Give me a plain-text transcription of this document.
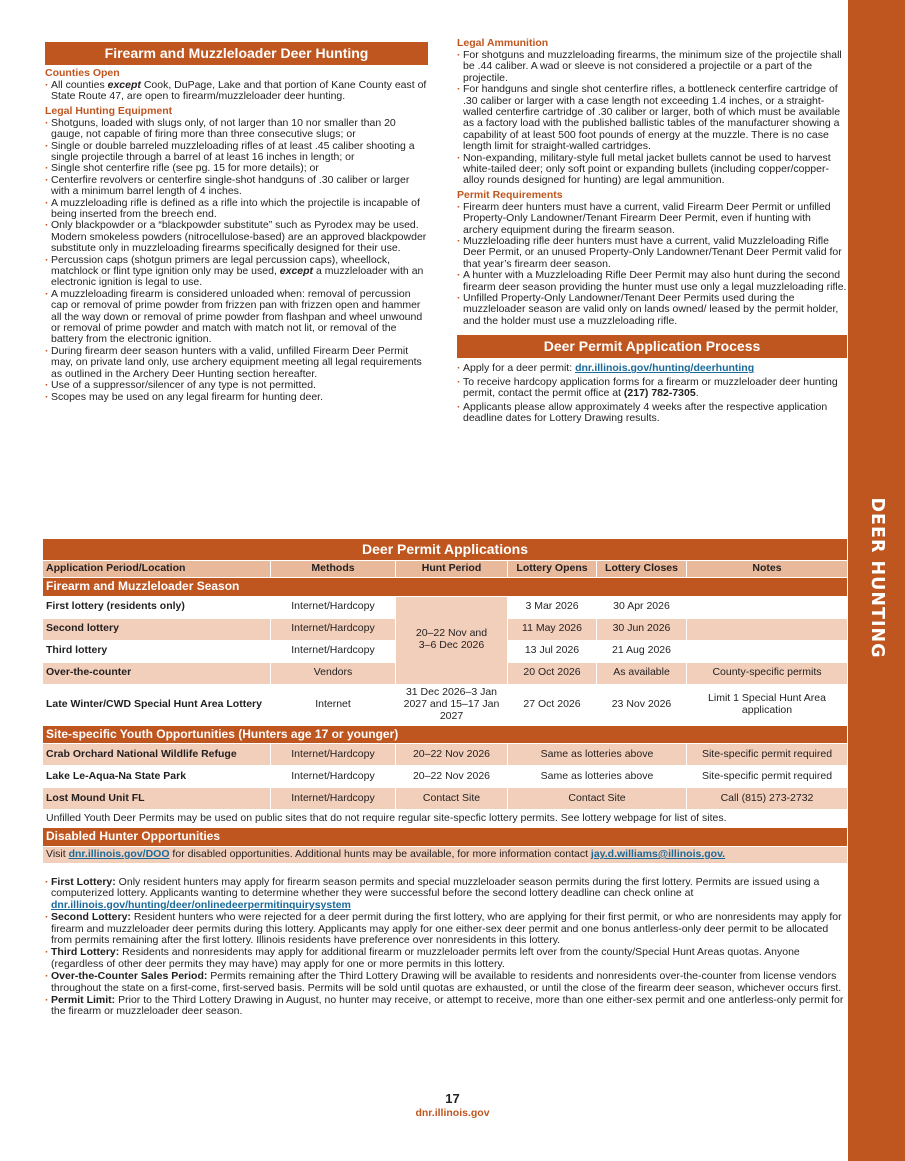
DEER HUNTING
Firearm and Muzzleloader Deer Hunting
Counties Open
· All counties except Cook, DuPage, Lake and that portion of Kane County east of State Route 47, are open to firearm/muzzleloader deer hunting.
Legal Hunting Equipment
· Shotguns, loaded with slugs only, of not larger than 10 nor smaller than 20 gauge, not capable of firing more than three consecutive slugs; or
· Single or double barreled muzzleloading rifles of at least .45 caliber shooting a single projectile through a barrel of at least 16 inches in length; or
· Single shot centerfire rifle (see pg. 15 for more details); or
· Centerfire revolvers or centerfire single-shot handguns of .30 caliber or larger with a minimum barrel length of 4 inches.
· A muzzleloading rifle is defined as a rifle into which the projectile is incapable of being inserted from the breech end.
· Only blackpowder or a “blackpowder substitute” such as Pyrodex may be used. Modern smokeless powders (nitrocellulose-based) are an approved blackpowder substitute only in muzzleloading firearms specifically designed for their use.
· Percussion caps (shotgun primers are legal percussion caps), wheellock, matchlock or flint type ignition only may be used, except a muzzleloader with an electronic ignition is legal to use.
· A muzzleloading firearm is considered unloaded when: removal of percussion cap or removal of prime powder from frizzen pan with frizzen open and hammer all the way down or removal of prime powder from flashpan and wheel unwound or removal of prime powder and match with match not lit, or removal of the battery from the electronic ignition.
· During firearm deer season hunters with a valid, unfilled Firearm Deer Permit may, on private land only, use archery equipment meeting all legal requirements as outlined in the Archery Deer Hunting section hereafter.
· Use of a suppressor/silencer of any type is not permitted.
· Scopes may be used on any legal firearm for hunting deer.
Legal Ammunition
· For shotguns and muzzleloading firearms, the minimum size of the projectile shall be .44 caliber. A wad or sleeve is not considered a projectile or a part of the projectile.
· For handguns and single shot centerfire rifles, a bottleneck centerfire cartridge of .30 caliber or larger with a case length not exceeding 1.4 inches, or a straight-walled centerfire cartridge of .30 caliber or larger, both of which must be available as a factory load with the published ballistic tables of the manufacturer showing a capability of at least 500 foot pounds of energy at the muzzle. There is no case length limit for straight-walled cartridges.
· Non-expanding, military-style full metal jacket bullets cannot be used to harvest white-tailed deer; only soft point or expanding bullets (including copper/copper-alloy rounds designed for hunting) are legal ammunition.
Permit Requirements
· Firearm deer hunters must have a current, valid Firearm Deer Permit or unfilled Property-Only Landowner/Tenant Firearm Deer Permit, even if hunting with archery equipment during the firearm season.
· Muzzleloading rifle deer hunters must have a current, valid Muzzleloading Rifle Deer Permit, or an unused Property-Only Landowner/Tenant Deer Permit valid for that year’s firearm deer season.
· A hunter with a Muzzleloading Rifle Deer Permit may also hunt during the second firearm deer season providing the hunter must use only a legal muzzleloading rifle.
· Unfilled Property-Only Landowner/Tenant Deer Permits used during the muzzleloader season are valid only on lands owned/ leased by the permit holder, and the holder must use a muzzleloading rifle.
Deer Permit Application Process
· Apply for a deer permit: dnr.illinois.gov/hunting/deerhunting
· To receive hardcopy application forms for a firearm or muzzleloader deer hunting permit, contact the permit office at (217) 782-7305.
· Applicants please allow approximately 4 weeks after the respective application deadline dates for Lottery Drawing results.
Deer Permit Applications					
Application Period/Location	Methods	Hunt Period	Lottery Opens	Lottery Closes	Notes
Firearm and Muzzleloader Season					
First lottery (residents only)	Internet/Hardcopy	20–22 Nov and 3–6 Dec 2026	3 Mar 2026	30 Apr 2026	
Second lottery	Internet/Hardcopy		11 May 2026	30 Jun 2026	
Third lottery	Internet/Hardcopy		13 Jul 2026	21 Aug 2026	
Over-the-counter	Vendors		20 Oct 2026	As available	County-specific permits
Late Winter/CWD Special Hunt Area Lottery	Internet	31 Dec 2026–3 Jan 2027 and 15–17 Jan 2027	27 Oct 2026	23 Nov 2026	Limit 1 Special Hunt Area application
Site-specific Youth Opportunities (Hunters age 17 or younger)					
Crab Orchard National Wildlife Refuge	Internet/Hardcopy	20–22 Nov 2026	Same as lotteries above		Site-specific permit required
Lake Le-Aqua-Na State Park	Internet/Hardcopy	20–22 Nov 2026	Same as lotteries above		Site-specific permit required
Lost Mound Unit FL	Internet/Hardcopy	Contact Site	Contact Site		Call (815) 273-2732
Unfilled Youth Deer Permits may be used on public sites that do not require regular site-specfic lottery permits. See lottery webpage for list of sites.					
Disabled Hunter Opportunities					
Visit dnr.illinois.gov/DOO for disabled opportunities. Additional hunts may be available, for more information contact jay.d.williams@illinois.gov.					
· First Lottery: Only resident hunters may apply for firearm season permits and special muzzleloader season permits during the first lottery. Permits are issued using a computerized lottery. Applicants wanting to determine whether they were successful before the second lottery deadline can check online at dnr.illinois.gov/hunting/deer/onlinedeerpermitinquirysystem
· Second Lottery: Resident hunters who were rejected for a deer permit during the first lottery, who are applying for their first permit, or who are nonresidents may apply for firearm and muzzleloader deer permits during this lottery. Applicants may apply for one either-sex deer permit and one bonus antlerless-only deer permit to be allocated from permits remaining after the first lottery. Illinois residents have preference over nonresidents in this lottery.
· Third Lottery: Residents and nonresidents may apply for additional firearm or muzzleloader permits left over from the county/Special Hunt Areas quotas. Anyone (regardless of other deer permits they may have) may apply for one or more permits in this lottery.
· Over-the-Counter Sales Period: Permits remaining after the Third Lottery Drawing will be available to residents and nonresidents over-the-counter from license vendors throughout the state on a first-come, first-served basis. Permits will be sold until quotas are exhausted, or until the close of the firearm deer season, whichever occurs first.
· Permit Limit: Prior to the Third Lottery Drawing in August, no hunter may receive, or attempt to receive, more than one either-sex permit and one antlerless-only permit for the firearm or muzzleloader deer season.
17
dnr.illinois.gov
